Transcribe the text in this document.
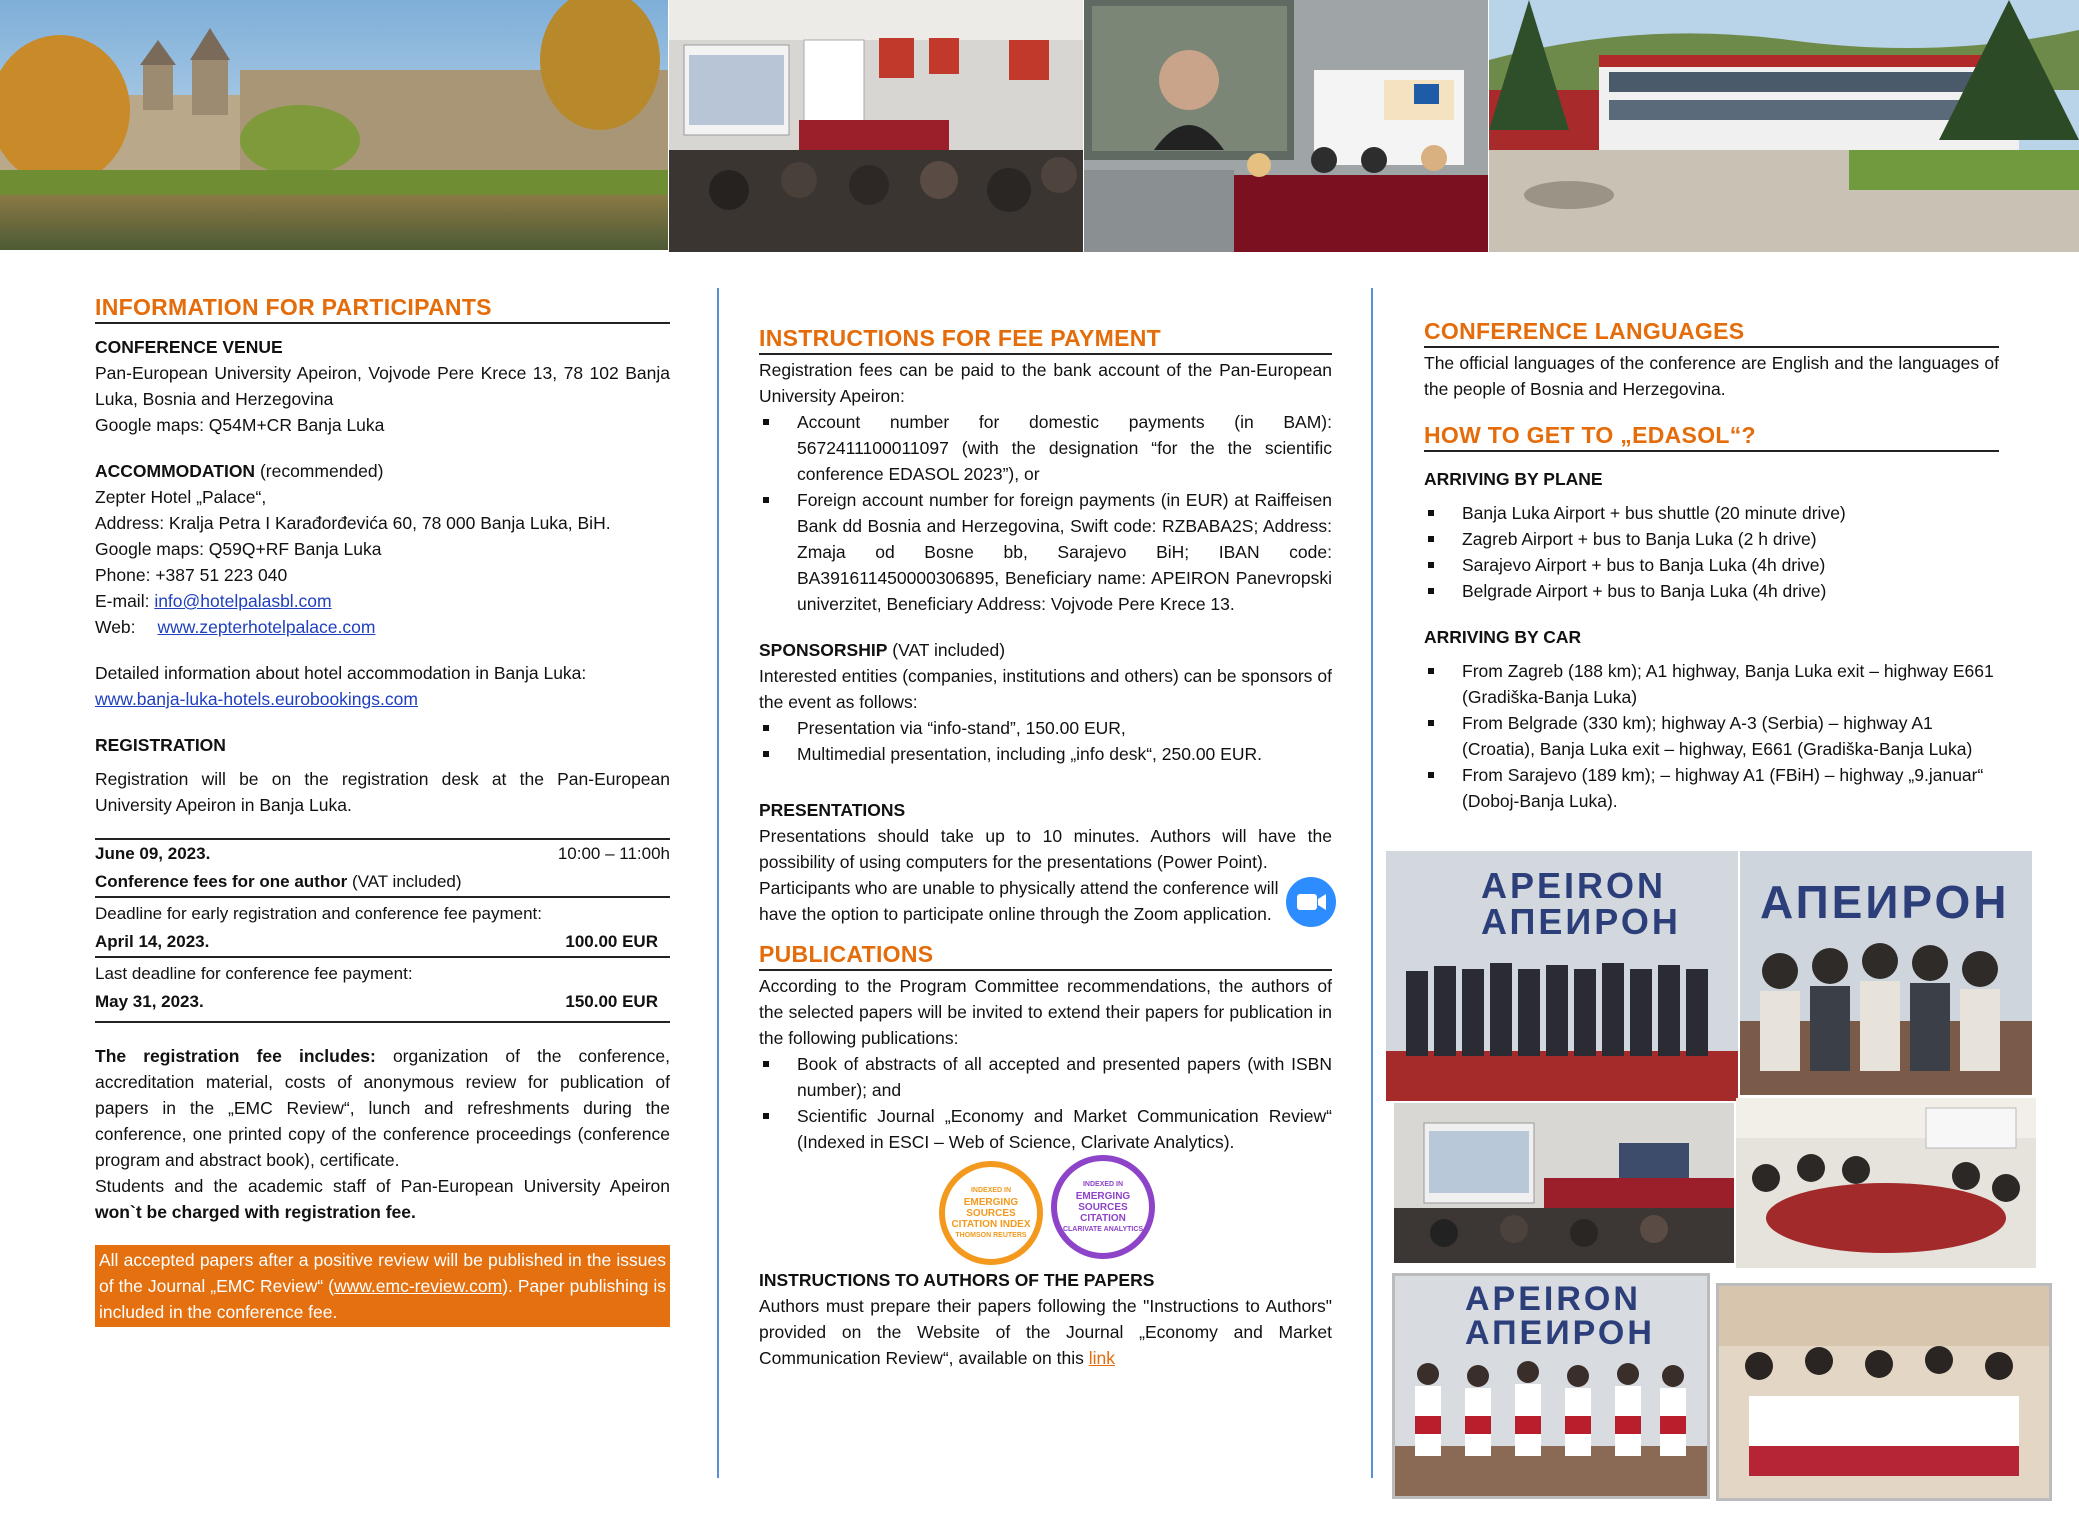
INFORMATION FOR PARTICIPANTS
CONFERENCE VENUE
Pan-European University Apeiron, Vojvode Pere Krece 13, 78 102 Banja Luka, Bosnia and Herzegovina
Google maps: Q54M+CR Banja Luka
ACCOMMODATION (recommended)
Zepter Hotel „Palace“,
Address: Kralja Petra I Karađorđevića 60, 78 000 Banja Luka, BiH.
Google maps: Q59Q+RF Banja Luka
Phone: +387 51 223 040
E-mail: info@hotelpalasbl.com
Web: www.zepterhotelpalace.com
Detailed information about hotel accommodation in Banja Luka:
www.banja-luka-hotels.eurobookings.com
REGISTRATION
Registration will be on the registration desk at the Pan-European University Apeiron in Banja Luka.
June 09, 2023.	10:00 – 11:00h
Conference fees for one author (VAT included)	
Deadline for early registration and conference fee payment:	
April 14, 2023.	100.00 EUR
Last deadline for conference fee payment:	
May 31, 2023.	150.00 EUR
The registration fee includes: organization of the conference, accreditation material, costs of anonymous review for publication of papers in the „EMC Review“, lunch and refreshments during the conference, one printed copy of the conference proceedings (conference program and abstract book), certificate.
Students and the academic staff of Pan-European University Apeiron won`t be charged with registration fee.
All accepted papers after a positive review will be published in the issues of the Journal „EMC Review“ (www.emc-review.com). Paper publishing is included in the conference fee.
INSTRUCTIONS FOR FEE PAYMENT
Registration fees can be paid to the bank account of the Pan-European University Apeiron:
Account number for domestic payments (in BAM): 5672411100011097 (with the designation “for the the scientific conference EDASOL 2023”), or
Foreign account number for foreign payments (in EUR) at Raiffeisen Bank dd Bosnia and Herzegovina, Swift code: RZBABA2S; Address: Zmaja od Bosne bb, Sarajevo BiH; IBAN code: BA391611450000306895, Beneficiary name: APEIRON Panevropski univerzitet, Beneficiary Address: Vojvode Pere Krece 13.
SPONSORSHIP (VAT included)
Interested entities (companies, institutions and others) can be sponsors of the event as follows:
Presentation via “info-stand”, 150.00 EUR,
Multimedial presentation, including „info desk“, 250.00 EUR.
PRESENTATIONS
Presentations should take up to 10 minutes. Authors will have the possibility of using computers for the presentations (Power Point).
Participants who are unable to physically attend the conference will have the option to participate online through the Zoom application.
PUBLICATIONS
According to the Program Committee recommendations, the authors of the selected papers will be invited to extend their papers for publication in the following publications:
Book of abstracts of all accepted and presented papers (with ISBN number); and
Scientific Journal „Economy and Market Communication Review“ (Indexed in ESCI – Web of Science, Clarivate Analytics).
INDEXED IN
EMERGING SOURCES CITATION INDEX
THOMSON REUTERS
INDEXED IN
EMERGING SOURCES CITATION
CLARIVATE ANALYTICS
INSTRUCTIONS TO AUTHORS OF THE PAPERS
Authors must prepare their papers following the "Instructions to Authors" provided on the Website of the Journal „Economy and Market Communication Review“, available on this link
CONFERENCE LANGUAGES
The official languages of the conference are English and the languages of the people of Bosnia and Herzegovina.
HOW TO GET TO „EDASOL“?
ARRIVING BY PLANE
Banja Luka Airport + bus shuttle (20 minute drive)
Zagreb Airport + bus to Banja Luka (2 h drive)
Sarajevo Airport + bus to Banja Luka (4h drive)
Belgrade Airport + bus to Banja Luka (4h drive)
ARRIVING BY CAR
From Zagreb (188 km); A1 highway, Banja Luka exit – highway E661 (Gradiška-Banja Luka)
From Belgrade (330 km); highway A-3 (Serbia) – highway A1 (Croatia), Banja Luka exit – highway, E661 (Gradiška-Banja Luka)
From Sarajevo (189 km); – highway A1 (FBiH) – highway „9.januar“ (Doboj-Banja Luka).
APEIRON
АПЕИРОН АПЕИРОН
APEIRON
АПЕИРОН
